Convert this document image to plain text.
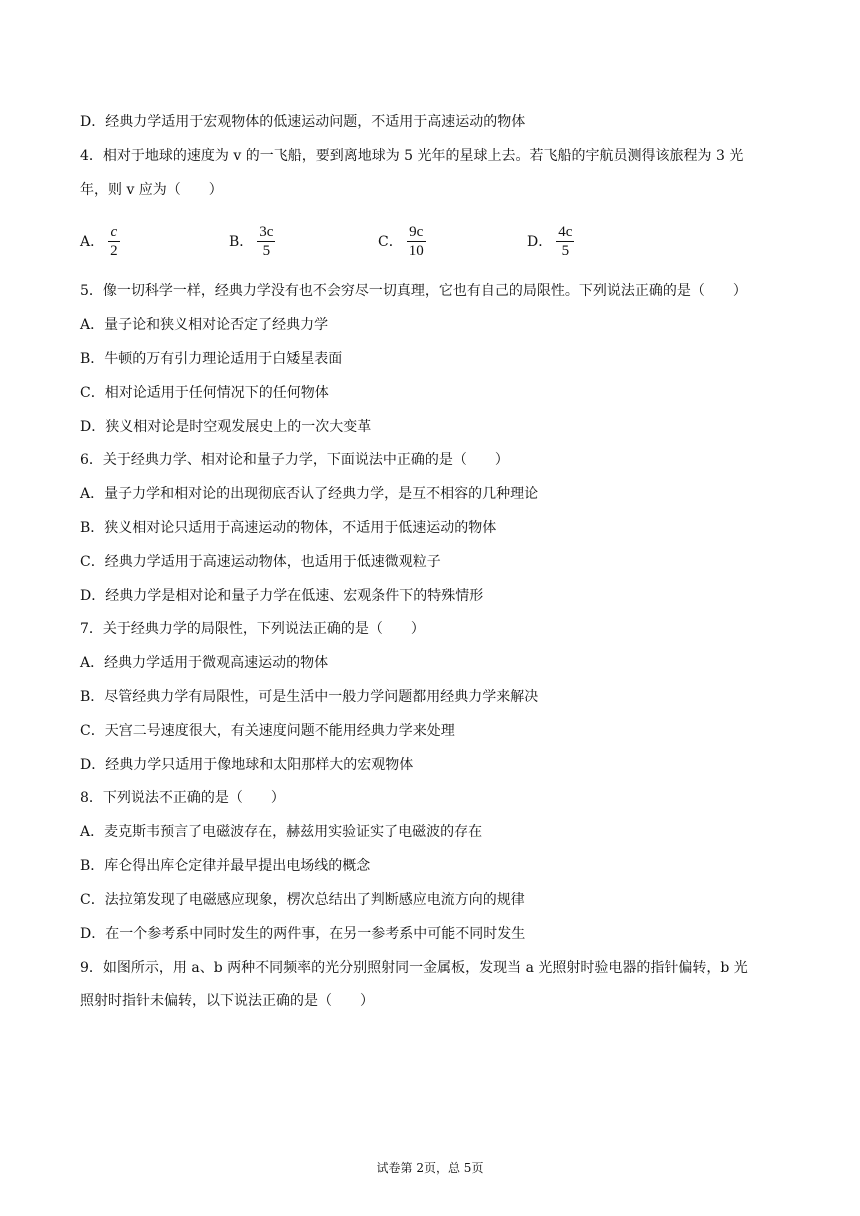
D．经典力学适用于宏观物体的低速运动问题，不适用于高速运动的物体
4．相对于地球的速度为 v 的一飞船，要到离地球为 5 光年的星球上去。若飞船的宇航员测得该旅程为 3 光
年，则 v 应为（　　）
A． $\frac{c}{2}$	B． $\frac{3c}{5}$	C． $\frac{9c}{10}$	D． $\frac{4c}{5}$
5．像一切科学一样，经典力学没有也不会穷尽一切真理，它也有自己的局限性。下列说法正确的是（　　）
A．量子论和狭义相对论否定了经典力学
B．牛顿的万有引力理论适用于白矮星表面
C．相对论适用于任何情况下的任何物体
D．狭义相对论是时空观发展史上的一次大变革
6．关于经典力学、相对论和量子力学，下面说法中正确的是（　　）
A．量子力学和相对论的出现彻底否认了经典力学，是互不相容的几种理论
B．狭义相对论只适用于高速运动的物体，不适用于低速运动的物体
C．经典力学适用于高速运动物体，也适用于低速微观粒子
D．经典力学是相对论和量子力学在低速、宏观条件下的特殊情形
7．关于经典力学的局限性，下列说法正确的是（　　）
A．经典力学适用于微观高速运动的物体
B．尽管经典力学有局限性，可是生活中一般力学问题都用经典力学来解决
C．天宫二号速度很大，有关速度问题不能用经典力学来处理
D．经典力学只适用于像地球和太阳那样大的宏观物体
8．下列说法不正确的是（　　）
A．麦克斯韦预言了电磁波存在，赫兹用实验证实了电磁波的存在
B．库仑得出库仑定律并最早提出电场线的概念
C．法拉第发现了电磁感应现象，楞次总结出了判断感应电流方向的规律
D．在一个参考系中同时发生的两件事，在另一参考系中可能不同时发生
9．如图所示，用 a、b 两种不同频率的光分别照射同一金属板，发现当 a 光照射时验电器的指针偏转，b 光
照射时指针未偏转，以下说法正确的是（　　）
试卷第 2页，总 5页
